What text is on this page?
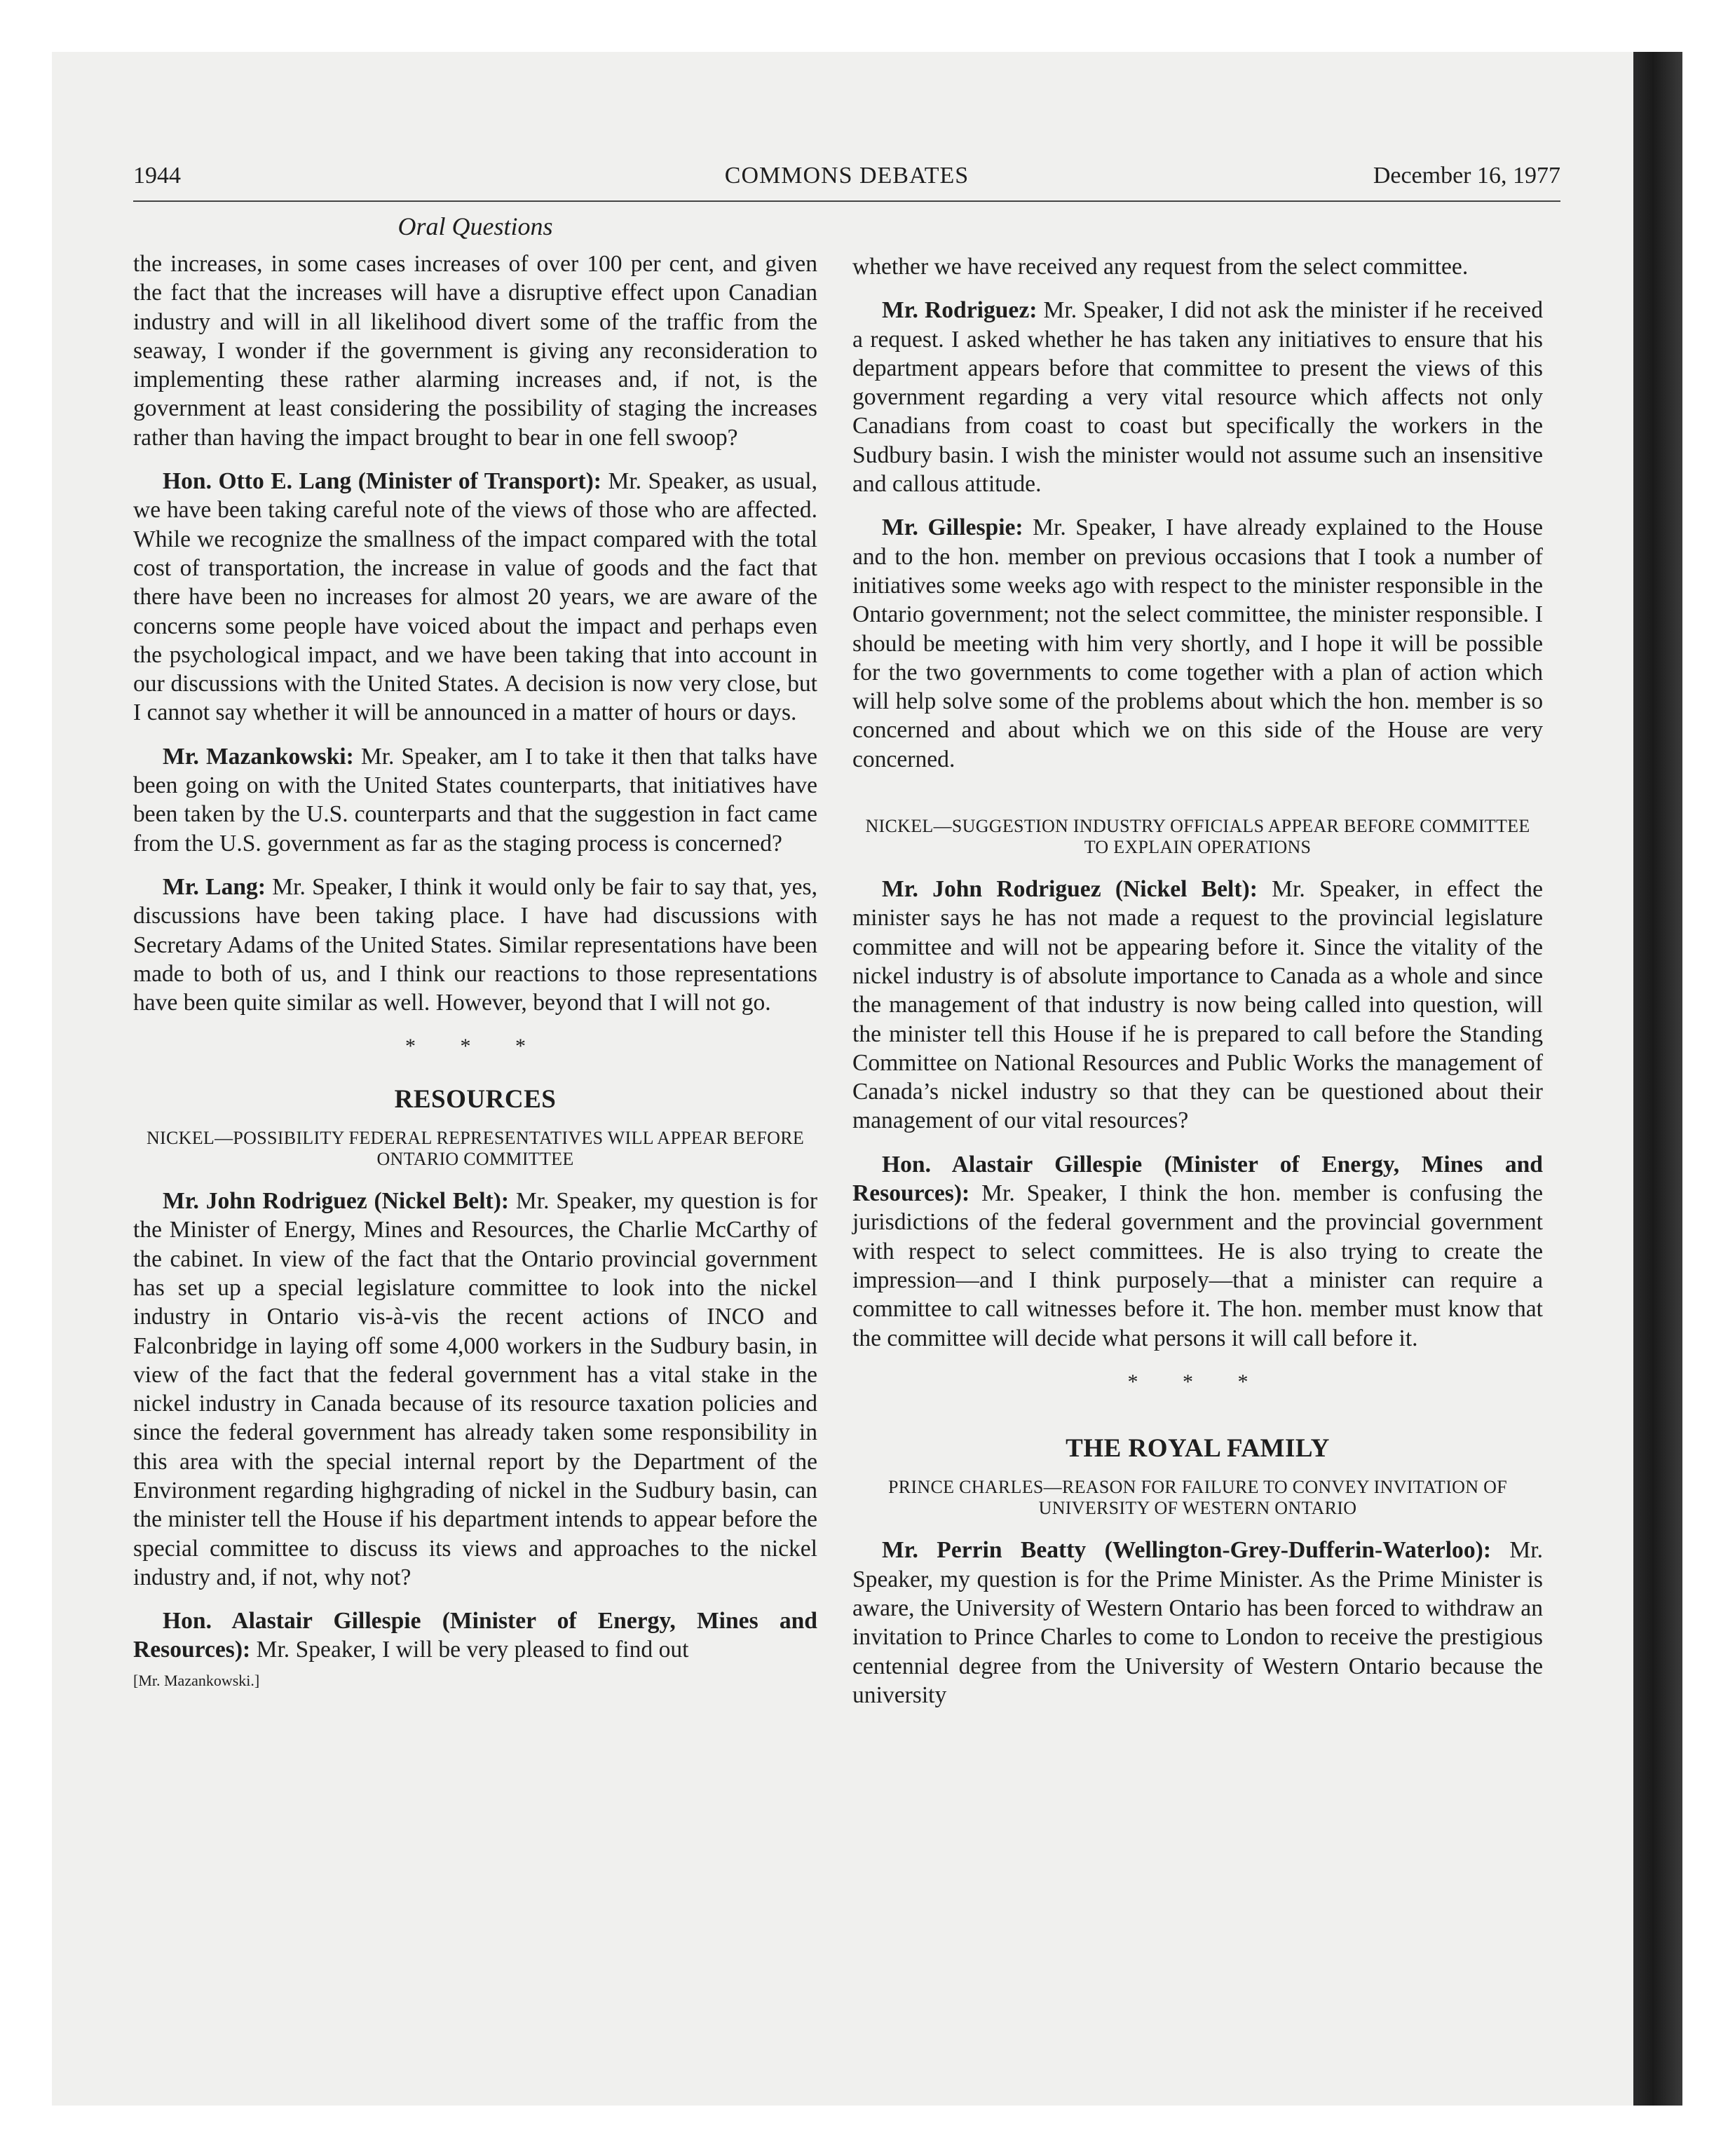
1944	COMMONS DEBATES	December 16, 1977
Oral Questions

the increases, in some cases increases of over 100 per cent, and given the fact that the increases will have a disruptive effect upon Canadian industry and will in all likelihood divert some of the traffic from the seaway, I wonder if the government is giving any reconsideration to implementing these rather alarming increases and, if not, is the government at least considering the possibility of staging the increases rather than having the impact brought to bear in one fell swoop?

Hon. Otto E. Lang (Minister of Transport): Mr. Speaker, as usual, we have been taking careful note of the views of those who are affected. While we recognize the smallness of the impact compared with the total cost of transportation, the increase in value of goods and the fact that there have been no increases for almost 20 years, we are aware of the concerns some people have voiced about the impact and perhaps even the psychological impact, and we have been taking that into account in our discussions with the United States. A decision is now very close, but I cannot say whether it will be announced in a matter of hours or days.

Mr. Mazankowski: Mr. Speaker, am I to take it then that talks have been going on with the United States counterparts, that initiatives have been taken by the U.S. counterparts and that the suggestion in fact came from the U.S. government as far as the staging process is concerned?

Mr. Lang: Mr. Speaker, I think it would only be fair to say that, yes, discussions have been taking place. I have had discussions with Secretary Adams of the United States. Similar representations have been made to both of us, and I think our reactions to those representations have been quite similar as well. However, beyond that I will not go.

* * *
RESOURCES
NICKEL—POSSIBILITY FEDERAL REPRESENTATIVES WILL APPEAR BEFORE ONTARIO COMMITTEE

Mr. John Rodriguez (Nickel Belt): Mr. Speaker, my question is for the Minister of Energy, Mines and Resources, the Charlie McCarthy of the cabinet. In view of the fact that the Ontario provincial government has set up a special legislature committee to look into the nickel industry in Ontario vis-à-vis the recent actions of INCO and Falconbridge in laying off some 4,000 workers in the Sudbury basin, in view of the fact that the federal government has a vital stake in the nickel industry in Canada because of its resource taxation policies and since the federal government has already taken some responsibility in this area with the special internal report by the Department of the Environment regarding highgrading of nickel in the Sudbury basin, can the minister tell the House if his department intends to appear before the special committee to discuss its views and approaches to the nickel industry and, if not, why not?

Hon. Alastair Gillespie (Minister of Energy, Mines and Resources): Mr. Speaker, I will be very pleased to find out

[Mr. Mazankowski.]

whether we have received any request from the select committee.

Mr. Rodriguez: Mr. Speaker, I did not ask the minister if he received a request. I asked whether he has taken any initiatives to ensure that his department appears before that committee to present the views of this government regarding a very vital resource which affects not only Canadians from coast to coast but specifically the workers in the Sudbury basin. I wish the minister would not assume such an insensitive and callous attitude.

Mr. Gillespie: Mr. Speaker, I have already explained to the House and to the hon. member on previous occasions that I took a number of initiatives some weeks ago with respect to the minister responsible in the Ontario government; not the select committee, the minister responsible. I should be meeting with him very shortly, and I hope it will be possible for the two governments to come together with a plan of action which will help solve some of the problems about which the hon. member is so concerned and about which we on this side of the House are very concerned.

NICKEL—SUGGESTION INDUSTRY OFFICIALS APPEAR BEFORE COMMITTEE TO EXPLAIN OPERATIONS

Mr. John Rodriguez (Nickel Belt): Mr. Speaker, in effect the minister says he has not made a request to the provincial legislature committee and will not be appearing before it. Since the vitality of the nickel industry is of absolute importance to Canada as a whole and since the management of that industry is now being called into question, will the minister tell this House if he is prepared to call before the Standing Committee on National Resources and Public Works the management of Canada’s nickel industry so that they can be questioned about their management of our vital resources?

Hon. Alastair Gillespie (Minister of Energy, Mines and Resources): Mr. Speaker, I think the hon. member is confusing the jurisdictions of the federal government and the provincial government with respect to select committees. He is also trying to create the impression—and I think purposely—that a minister can require a committee to call witnesses before it. The hon. member must know that the committee will decide what persons it will call before it.

* * *
THE ROYAL FAMILY
PRINCE CHARLES—REASON FOR FAILURE TO CONVEY INVITATION OF UNIVERSITY OF WESTERN ONTARIO

Mr. Perrin Beatty (Wellington-Grey-Dufferin-Waterloo): Mr. Speaker, my question is for the Prime Minister. As the Prime Minister is aware, the University of Western Ontario has been forced to withdraw an invitation to Prince Charles to come to London to receive the prestigious centennial degree from the University of Western Ontario because the university
